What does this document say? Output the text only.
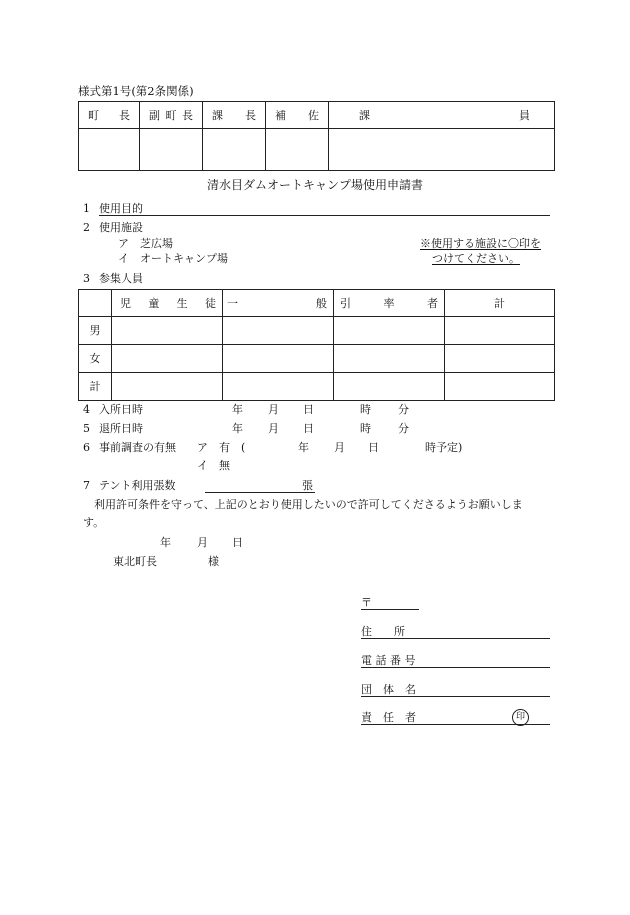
様式第1号(第2条関係)
町 長	副 町 長	課 長	補 佐	課 員

清水目ダムオートキャンプ場使用申請書
1 使用目的
2 使用施設
ア　芝広場
イ　オートキャンプ場
※使用する施設に〇印を
つけてください。
3 参集人員

	児 童 生 徒	一 般	引 率 者	計

男				
女				
計				
4 入所日時	年 月 日	時 分
5 退所日時	年 月 日	時 分
6 事前調査の有無 ア　有　(	年 月 日	時予定)
イ　無
7 テント利用張数	張
利用許可条件を守って、上記のとおり使用したいので許可してくださるようお願いしま
す。
年 月 日
東北町長	様
〒
住　　所
電 話 番 号
団　体　名
責　任　者	印
